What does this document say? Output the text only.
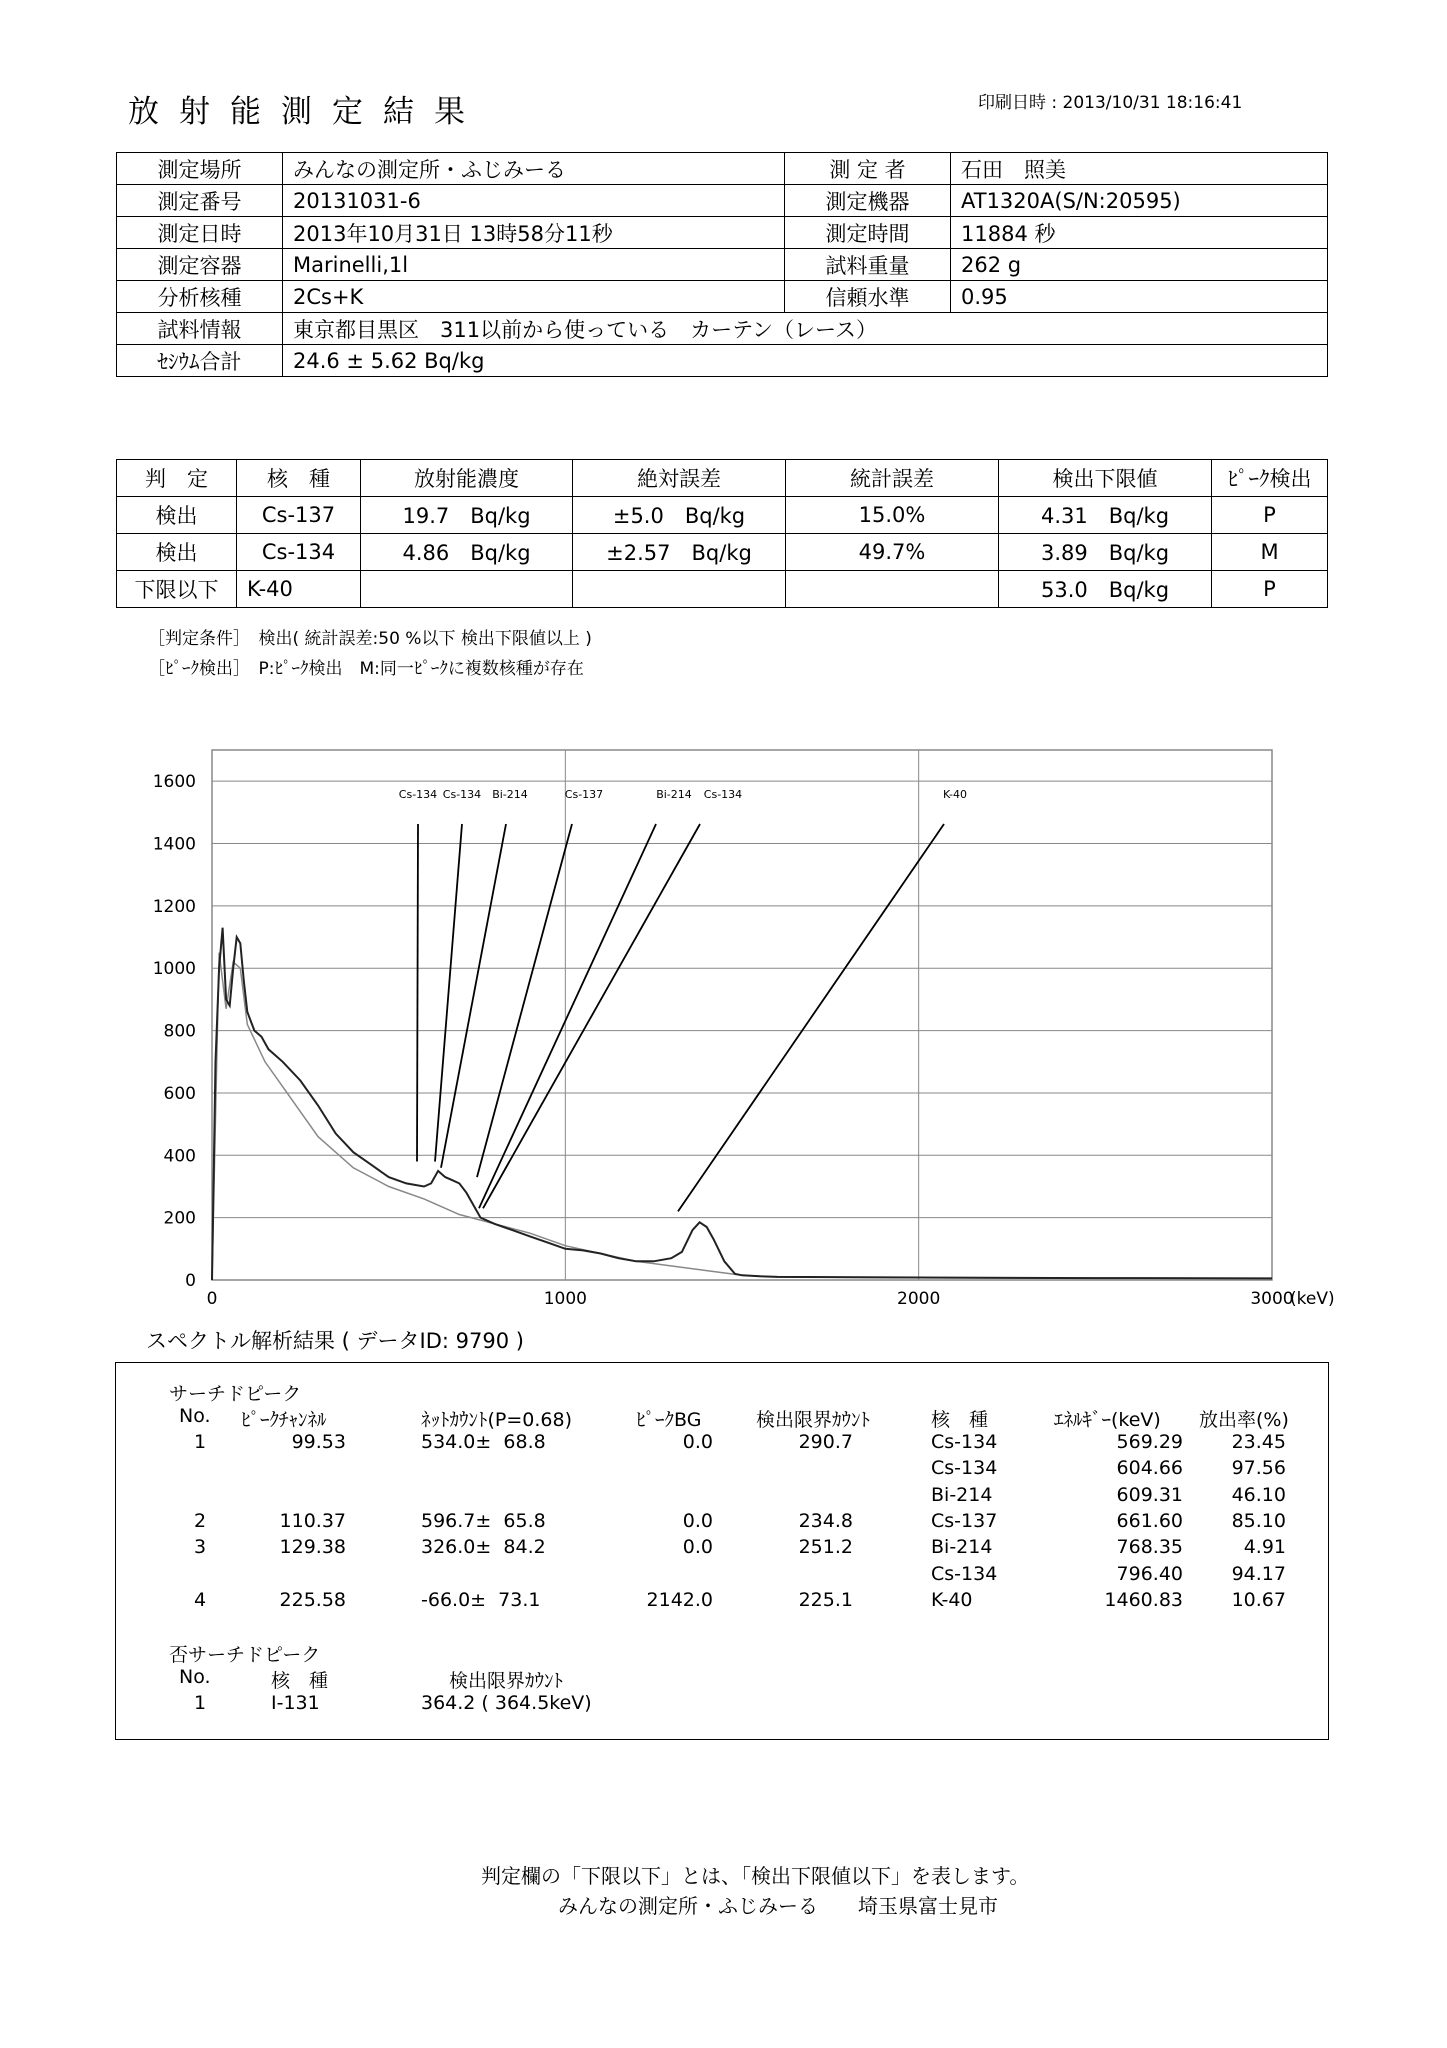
放射能測定結果	印刷日時 : 2013/10/31 18:16:41
測定場所	みんなの測定所・ふじみーる	測 定 者	石田　照美
測定番号	20131031-6	測定機器	AT1320A(S/N:20595)
測定日時	2013年10月31日 13時58分11秒	測定時間	11884 秒
測定容器	Marinelli,1l	試料重量	262 g
分析核種	2Cs+K	信頼水準	0.95
試料情報	東京都目黒区　311以前から使っている　カーテン（レース）		
ｾｼｳﾑ合計	24.6 ± 5.62 Bq/kg		
判　定	核　種	放射能濃度	絶対誤差	統計誤差	検出下限値	ﾋﾟｰｸ検出
検出	Cs-137	19.7　Bq/kg	±5.0　Bq/kg	15.0%	4.31　Bq/kg	P
検出	Cs-134	4.86　Bq/kg	±2.57　Bq/kg	49.7%	3.89　Bq/kg	M
下限以下	K-40				53.0　Bq/kg	P
［判定条件］　検出( 統計誤差:50 %以下 検出下限値以上 )
［ﾋﾟｰｸ検出］　P:ﾋﾟｰｸ検出　M:同一ﾋﾟｰｸに複数核種が存在
0
200
400
600
800
1000
1200
1400
1600
0	1000	2000	3000
(keV)
Cs-134 Cs-134 Bi-214	Cs-137	Bi-214 Cs-134	K-40
スペクトル解析結果 ( データID: 9790 )
サーチドピーク
No. ﾋﾟｰｸﾁｬﾝﾈﾙ	ﾈｯﾄｶｳﾝﾄ(P=0.68)	ﾋﾟｰｸBG	検出限界ｶｳﾝﾄ	核　種	ｴﾈﾙｷﾞｰ(keV) 放出率(%)
1	99.53	534.0±  68.8	0.0	290.7	Cs-134	569.29	23.45
Cs-134	604.66	97.56
Bi-214	609.31	46.10
2	110.37	596.7±  65.8	0.0	234.8	Cs-137	661.60	85.10
3	129.38	326.0±  84.2	0.0	251.2	Bi-214	768.35	4.91
Cs-134	796.40	94.17
4	225.58	-66.0±  73.1	2142.0	225.1	K-40	1460.83	10.67
否サーチドピーク
No.	核　種	検出限界ｶｳﾝﾄ
1	I-131	364.2 ( 364.5keV)
判定欄の「下限以下」とは、「検出下限値以下」を表します。
みんなの測定所・ふじみーる　　埼玉県富士見市
